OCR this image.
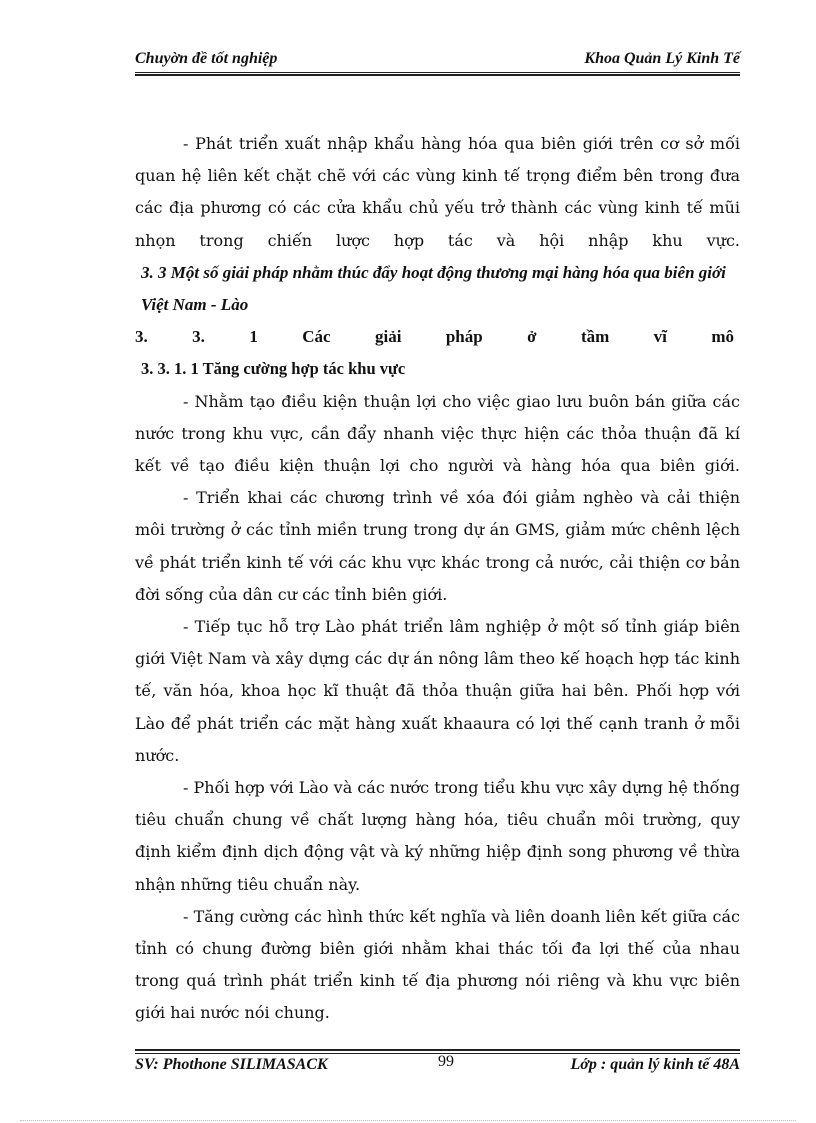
Chuyờn đề tốt nghiệp	Khoa Quản Lý Kinh Tế

- Phát triển xuất nhập khẩu hàng hóa qua biên giới trên cơ sở mối quan hệ liên kết chặt chẽ với các vùng kinh tế trọng điểm bên trong đưa các địa phương có các cửa khẩu chủ yếu trở thành các vùng kinh tế mũi nhọn trong chiến lược hợp tác và hội nhập khu vực.

3. 3 Một số giải pháp nhằm thúc đẩy hoạt động thương mại hàng hóa qua biên giới Việt Nam - Lào

3. 3. 1 Các giải pháp ở tầm vĩ mô

3. 3. 1. 1 Tăng cường hợp tác khu vực

- Nhằm tạo điều kiện thuận lợi cho việc giao lưu buôn bán giữa các nước trong khu vực, cần đẩy nhanh việc thực hiện các thỏa thuận đã kí kết về tạo điều kiện thuận lợi cho người và hàng hóa qua biên giới.

- Triển khai các chương trình về xóa đói giảm nghèo và cải thiện môi trường ở các tỉnh miền trung trong dự án GMS, giảm mức chênh lệch về phát triển kinh tế với các khu vực khác trong cả nước, cải thiện cơ bản đời sống của dân cư các tỉnh biên giới.

- Tiếp tục hỗ trợ Lào phát triển lâm nghiệp ở một số tỉnh giáp biên giới Việt Nam và xây dựng các dự án nông lâm theo kế hoạch hợp tác kinh tế, văn hóa, khoa học kĩ thuật đã thỏa thuận giữa hai bên. Phối hợp với Lào để phát triển các mặt hàng xuất khaaura có lợi thế cạnh tranh ở mỗi nước.

- Phối hợp với Lào và các nước trong tiểu khu vực xây dựng hệ thống tiêu chuẩn chung về chất lượng hàng hóa, tiêu chuẩn môi trường, quy định kiểm định dịch động vật và ký những hiệp định song phương về thừa nhận những tiêu chuẩn này.

- Tăng cường các hình thức kết nghĩa và liên doanh liên kết giữa các tỉnh có chung đường biên giới nhằm khai thác tối đa lợi thế của nhau trong quá trình phát triển kinh tế địa phương nói riêng và khu vực biên giới hai nước nói chung.

SV: Phothone SILIMASACK	99	Lớp : quản lý kinh tế 48A
